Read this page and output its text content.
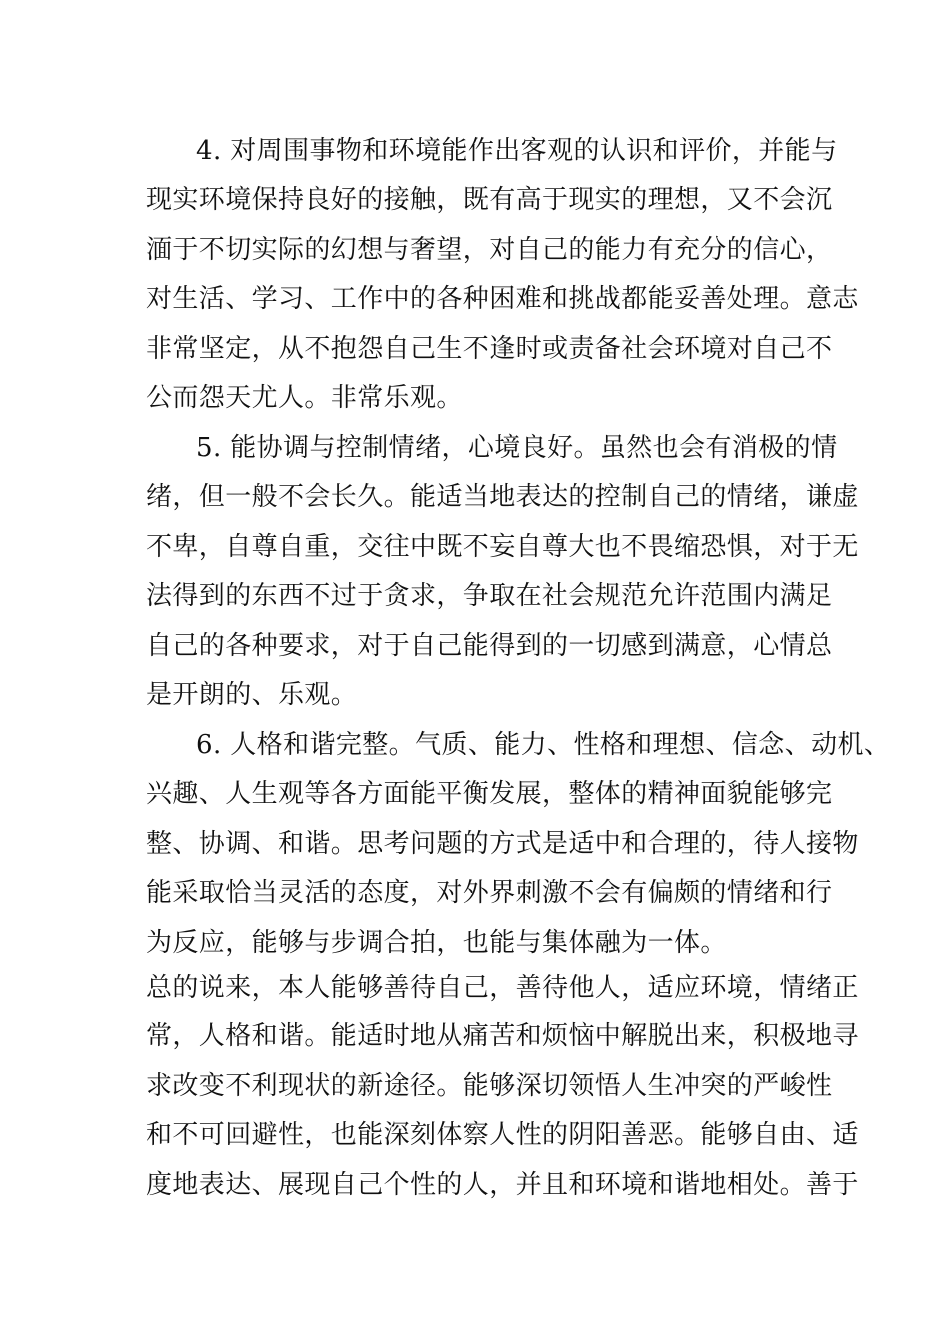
4. 对周围事物和环境能作出客观的认识和评价，并能与
现实环境保持良好的接触，既有高于现实的理想，又不会沉
湎于不切实际的幻想与奢望，对自己的能力有充分的信心，
对生活、学习、工作中的各种困难和挑战都能妥善处理。意志
非常坚定，从不抱怨自己生不逢时或责备社会环境对自己不
公而怨天尤人。非常乐观。
5. 能协调与控制情绪，心境良好。虽然也会有消极的情
绪，但一般不会长久。能适当地表达的控制自己的情绪，谦虚
不卑，自尊自重，交往中既不妄自尊大也不畏缩恐惧，对于无
法得到的东西不过于贪求，争取在社会规范允许范围内满足
自己的各种要求，对于自己能得到的一切感到满意，心情总
是开朗的、乐观。
6. 人格和谐完整。气质、能力、性格和理想、信念、动机、
兴趣、人生观等各方面能平衡发展，整体的精神面貌能够完
整、协调、和谐。思考问题的方式是适中和合理的，待人接物
能采取恰当灵活的态度，对外界刺激不会有偏颇的情绪和行
为反应，能够与步调合拍，也能与集体融为一体。
总的说来，本人能够善待自己，善待他人，适应环境，情绪正
常，人格和谐。能适时地从痛苦和烦恼中解脱出来，积极地寻
求改变不利现状的新途径。能够深切领悟人生冲突的严峻性
和不可回避性，也能深刻体察人性的阴阳善恶。能够自由、适
度地表达、展现自己个性的人，并且和环境和谐地相处。善于
